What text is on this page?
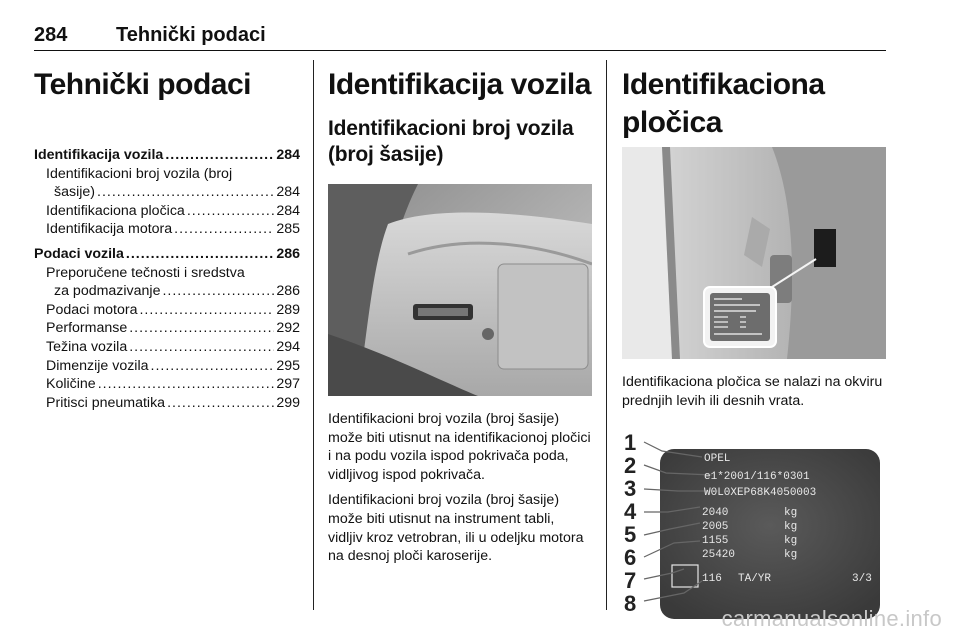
284 Tehnički podaci
Tehnički podaci
Identifikacija vozila .....	284
Identifikacioni broj vozila (broj
šasije) .....	284
Identifikaciona pločica .....	284
Identifikacija motora .....	285
Podaci vozila .....	286
Preporučene tečnosti i sredstva
za podmazivanje .....	286
Podaci motora .....	289
Performanse .....	292
Težina vozila .....	294
Dimenzije vozila .....	295
Količine .....	297
Pritisci pneumatika .....	299
Identifikacija vozila
Identifikacioni broj vozila (broj šasije)

Identifikacioni broj vozila (broj šasije) može biti utisnut na identifikacionoj pločici i na podu vozila ispod pokrivača poda, vidljivog ispod pokrivača.

Identifikacioni broj vozila (broj šasije) može biti utisnut na instrument tabli, vidljiv kroz vetrobran, ili u odeljku motora na desnoj ploči karoserije.

Identifikaciona pločica

Identifikaciona pločica se nalazi na okviru prednjih levih ili desnih vrata.

1
2
3
4
5
6
7
8
OPEL
e1*2001/116*0301
W0L0XEP68K4050003
2040	kg
2005	kg
1155	kg
25420	kg
116 TA/YR	3/3
carmanualsonline.info
